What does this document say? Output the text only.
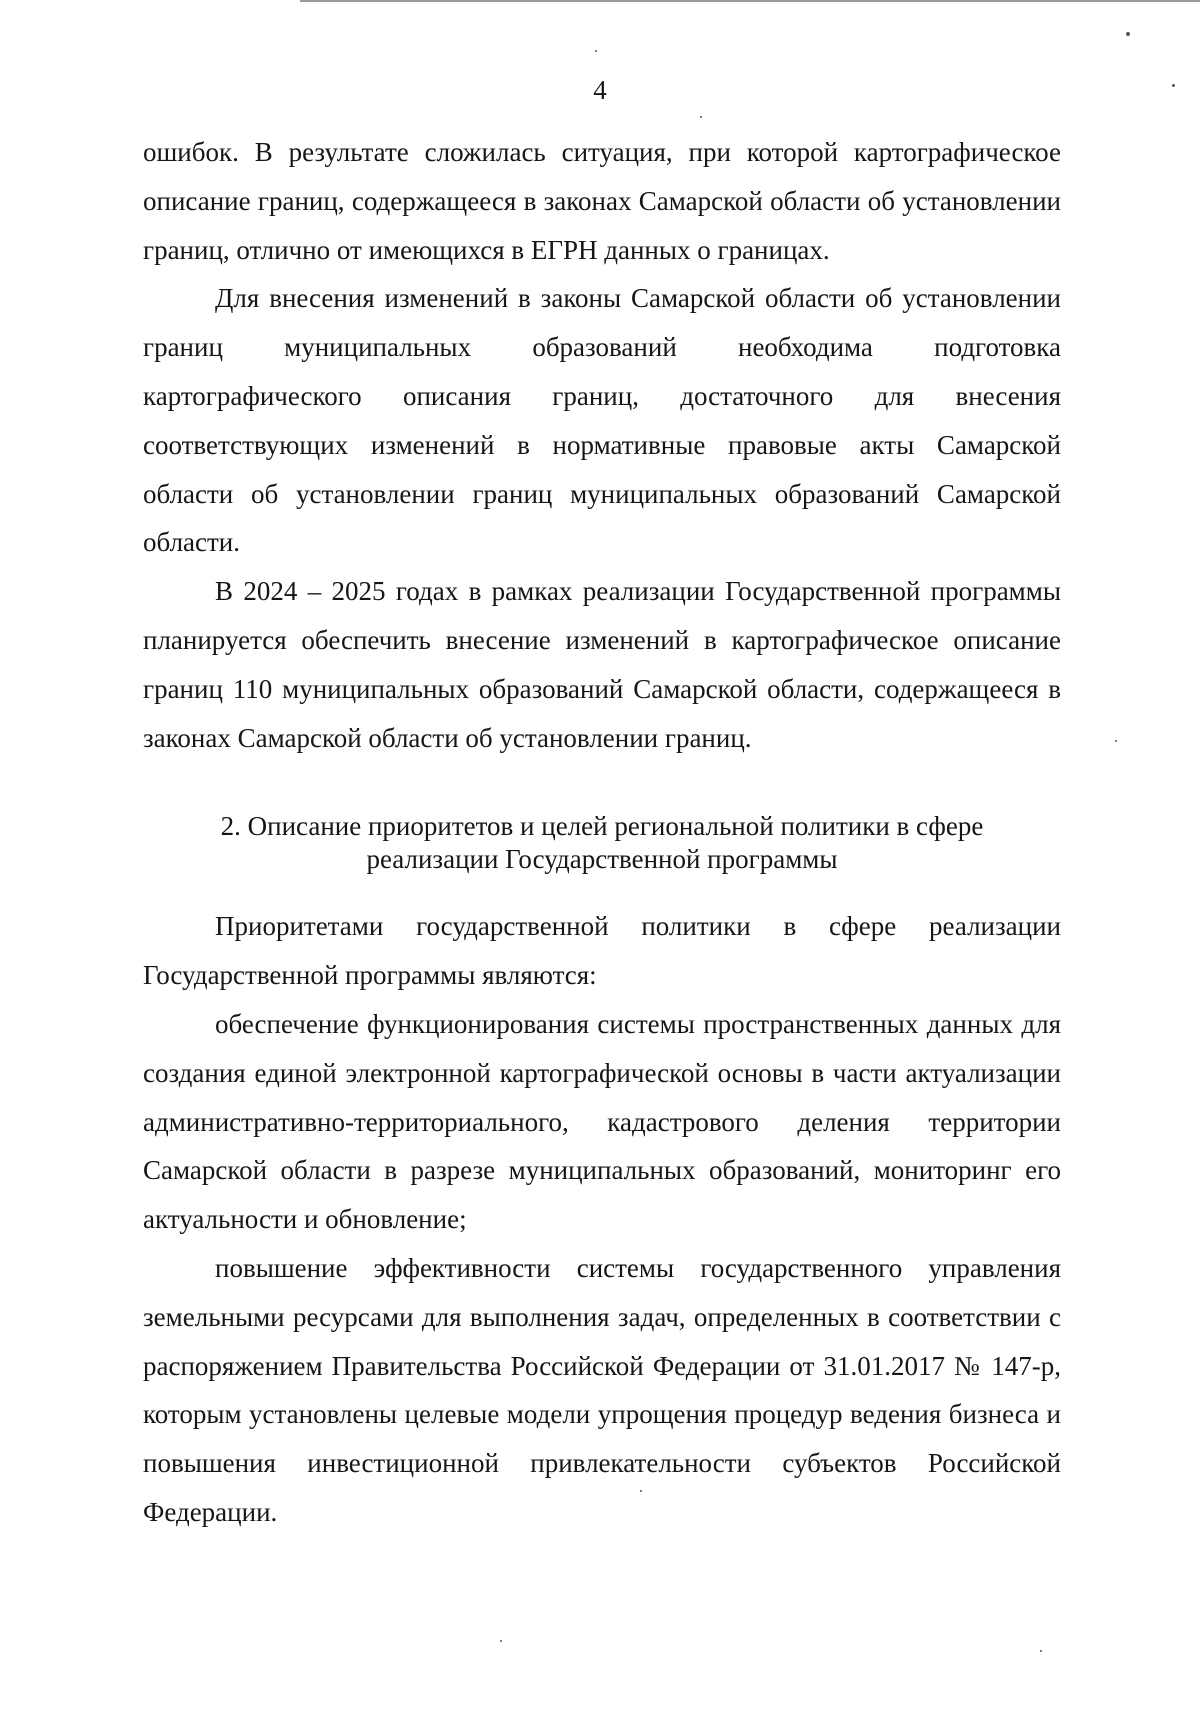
4

ошибок. В результате сложилась ситуация, при которой картографическое описание границ, содержащееся в законах Самарской области об установлении границ, отлично от имеющихся в ЕГРН данных о границах.

Для внесения изменений в законы Самарской области об установлении границ муниципальных образований необходима подготовка картографического описания границ, достаточного для внесения соответствующих изменений в нормативные правовые акты Самарской области об установлении границ муниципальных образований Самарской области.

В 2024 – 2025 годах в рамках реализации Государственной программы планируется обеспечить внесение изменений в картографическое описание границ 110 муниципальных образований Самарской области, содержащееся в законах Самарской области об установлении границ.

2. Описание приоритетов и целей региональной политики в сфере реализации Государственной программы

Приоритетами государственной политики в сфере реализации Государственной программы являются:

обеспечение функционирования системы пространственных данных для создания единой электронной картографической основы в части актуализации административно-территориального, кадастрового деления территории Самарской области в разрезе муниципальных образований, мониторинг его актуальности и обновление;

повышение эффективности системы государственного управления земельными ресурсами для выполнения задач, определенных в соответствии с распоряжением Правительства Российской Федерации от 31.01.2017 № 147-р, которым установлены целевые модели упрощения процедур ведения бизнеса и повышения инвестиционной привлекательности субъектов Российской Федерации.
